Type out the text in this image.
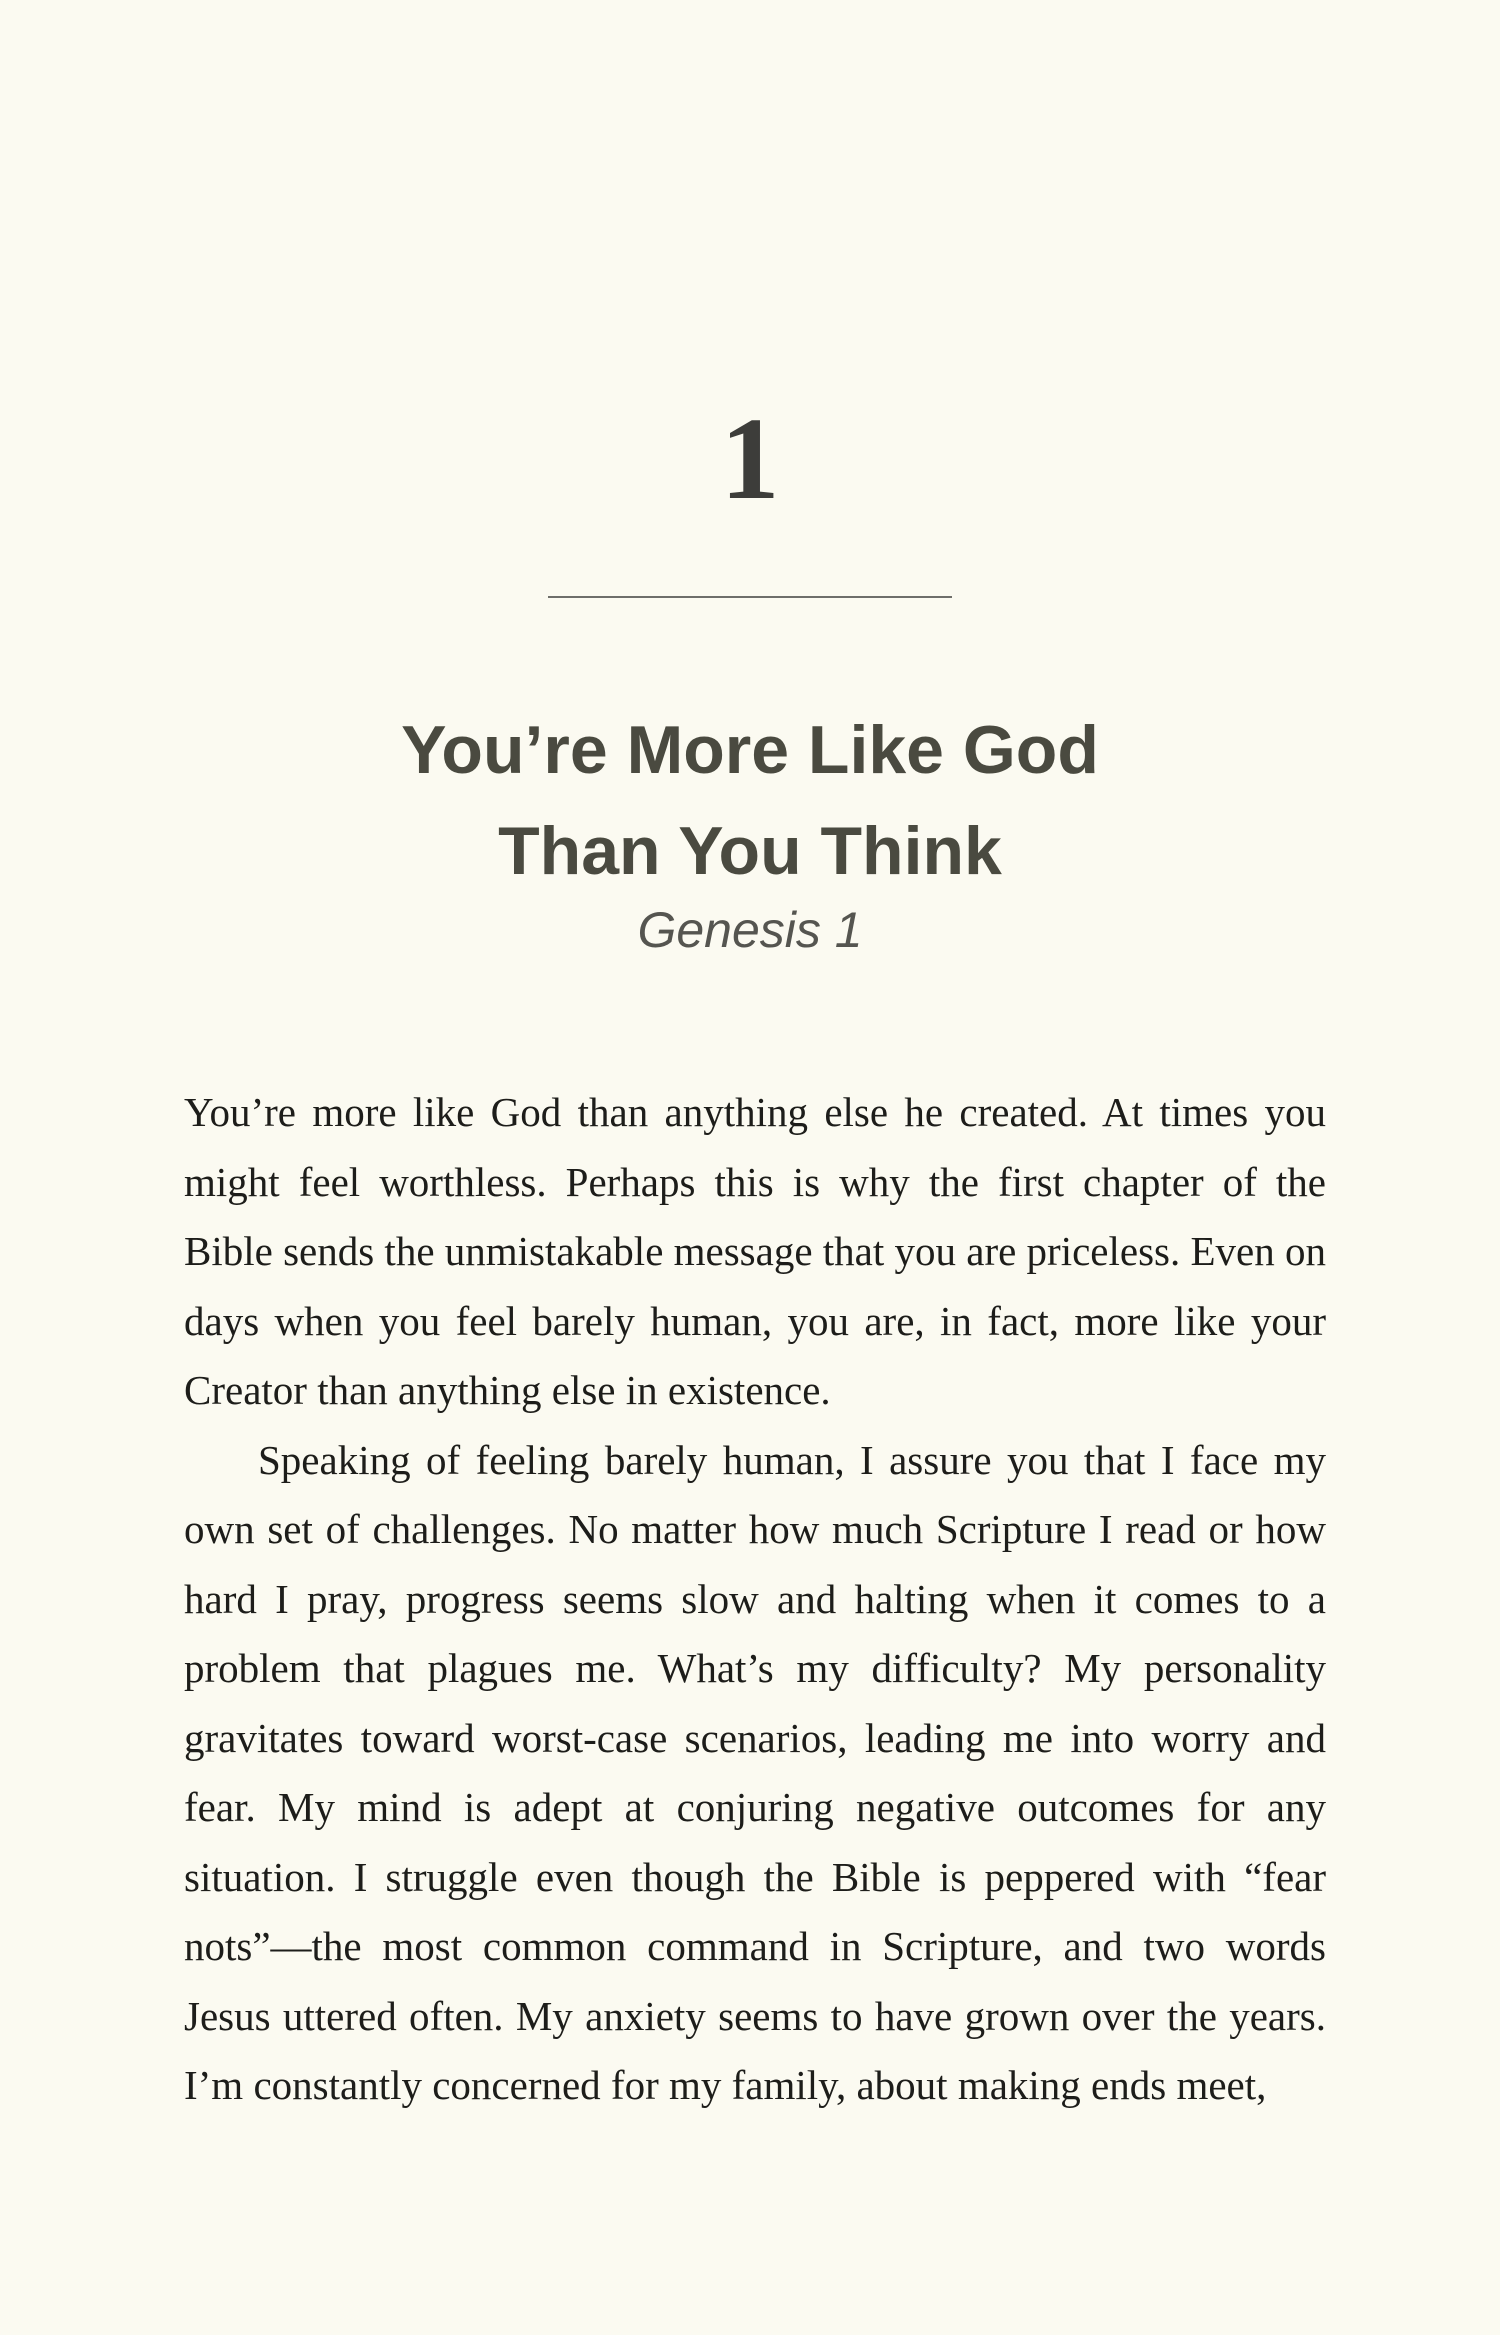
1
You’re More Like God
Than You Think
Genesis 1

You’re more like God than anything else he created. At times you might feel worthless. Perhaps this is why the first chapter of the Bible sends the unmistakable message that you are priceless. Even on days when you feel barely human, you are, in fact, more like your Creator than anything else in existence.

Speaking of feeling barely human, I assure you that I face my own set of challenges. No matter how much Scripture I read or how hard I pray, progress seems slow and halting when it comes to a problem that plagues me. What’s my difficulty? My personality gravitates toward worst-case scenarios, leading me into worry and fear. My mind is adept at conjuring negative outcomes for any situation. I struggle even though the Bible is peppered with “fear nots”—the most common command in Scripture, and two words Jesus uttered often. My anxiety seems to have grown over the years. I’m constantly concerned for my family, about making ends meet,
